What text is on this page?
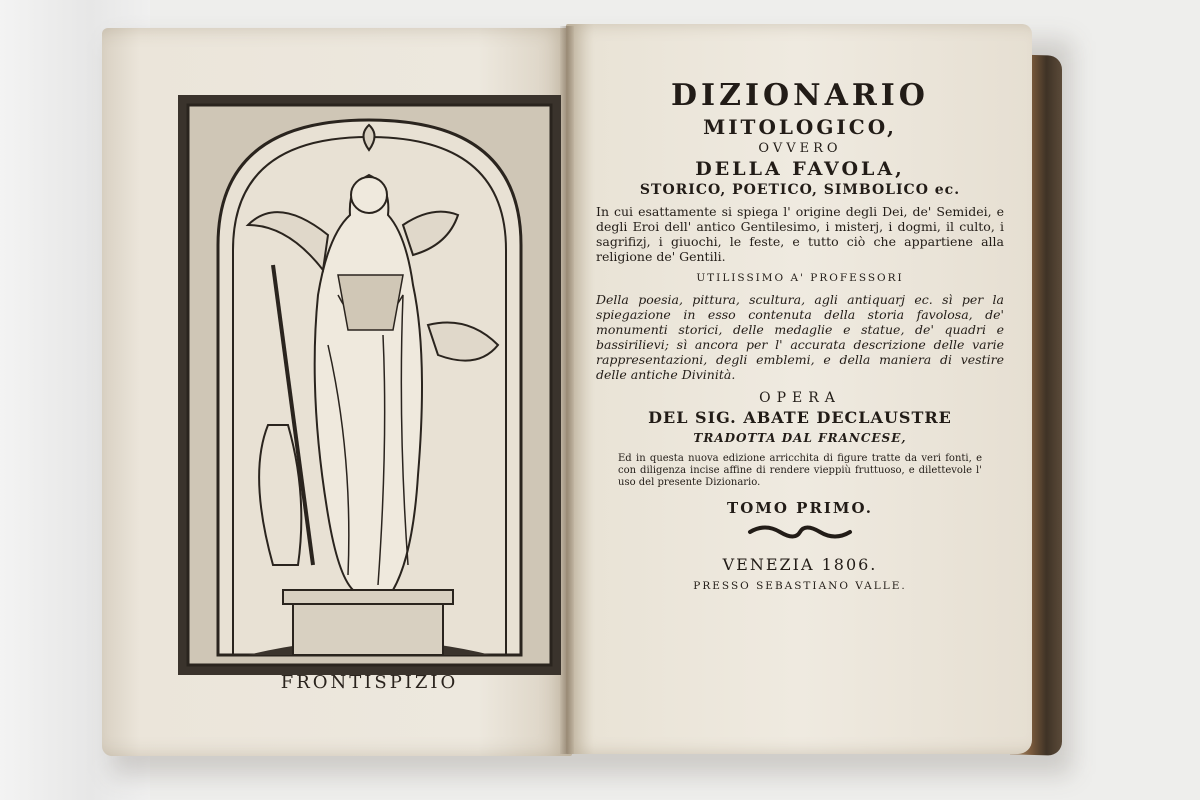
FRONTISPIZIO
DIZIONARIO
MITOLOGICO,
OVVERO
DELLA FAVOLA,
STORICO, POETICO, SIMBOLICO ec.

In cui esattamente si spiega l' origine degli Dei, de' Semidei, e degli Eroi dell' antico Gentilesimo, i misterj, i dogmi, il culto, i sagrifizj, i giuochi, le feste, e tutto ciò che appartiene alla religione de' Gentili.

UTILISSIMO A' PROFESSORI

Della poesia, pittura, scultura, agli antiquarj ec. sì per la spiegazione in esso contenuta della storia favolosa, de' monumenti storici, delle medaglie e statue, de' quadri e bassirilievi; sì ancora per l' accurata descrizione delle varie rappresentazioni, degli emblemi, e della maniera di vestire delle antiche Divinità.

OPERA
DEL SIG. ABATE DECLAUSTRE
TRADOTTA DAL FRANCESE,

Ed in questa nuova edizione arricchita di figure tratte da veri fonti, e con diligenza incise affine di rendere vieppiù fruttuoso, e dilettevole l' uso del presente Dizionario.

TOMO PRIMO.
VENEZIA 1806.
PRESSO SEBASTIANO VALLE.
